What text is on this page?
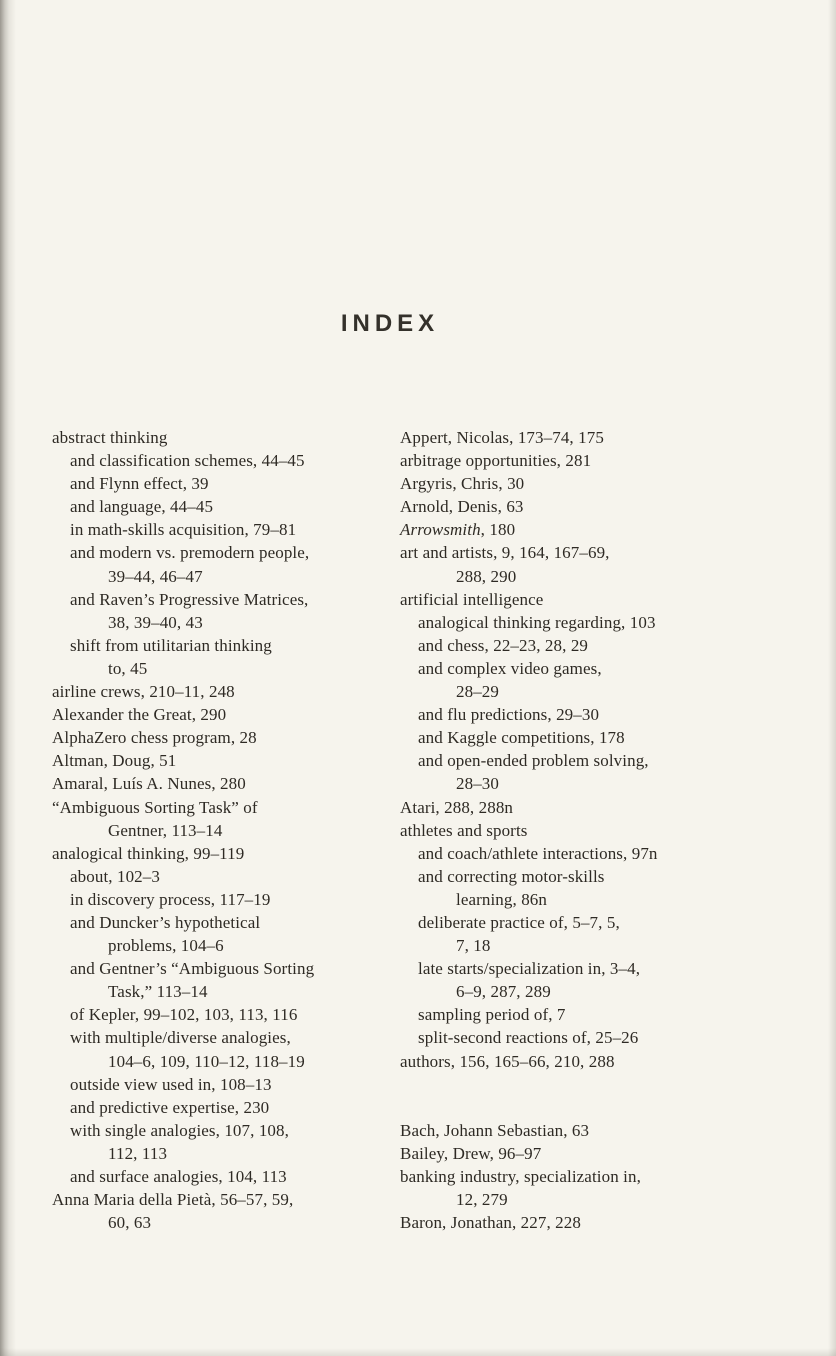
INDEX
abstract thinking
and classification schemes, 44–45
and Flynn effect, 39
and language, 44–45
in math-skills acquisition, 79–81
and modern vs. premodern people,
39–44, 46–47
and Raven’s Progressive Matrices,
38, 39–40, 43
shift from utilitarian thinking
to, 45
airline crews, 210–11, 248
Alexander the Great, 290
AlphaZero chess program, 28
Altman, Doug, 51
Amaral, Luís A. Nunes, 280
“Ambiguous Sorting Task” of
Gentner, 113–14
analogical thinking, 99–119
about, 102–3
in discovery process, 117–19
and Duncker’s hypothetical
problems, 104–6
and Gentner’s “Ambiguous Sorting
Task,” 113–14
of Kepler, 99–102, 103, 113, 116
with multiple/diverse analogies,
104–6, 109, 110–12, 118–19
outside view used in, 108–13
and predictive expertise, 230
with single analogies, 107, 108,
112, 113
and surface analogies, 104, 113
Anna Maria della Pietà, 56–57, 59,
60, 63
Appert, Nicolas, 173–74, 175
arbitrage opportunities, 281
Argyris, Chris, 30
Arnold, Denis, 63
Arrowsmith, 180
art and artists, 9, 164, 167–69,
288, 290
artificial intelligence
analogical thinking regarding, 103
and chess, 22–23, 28, 29
and complex video games,
28–29
and flu predictions, 29–30
and Kaggle competitions, 178
and open-ended problem solving,
28–30
Atari, 288, 288n
athletes and sports
and coach/athlete interactions, 97n
and correcting motor-skills
learning, 86n
deliberate practice of, 5–7, 5,
7, 18
late starts/specialization in, 3–4,
6–9, 287, 289
sampling period of, 7
split-second reactions of, 25–26
authors, 156, 165–66, 210, 288
Bach, Johann Sebastian, 63
Bailey, Drew, 96–97
banking industry, specialization in,
12, 279
Baron, Jonathan, 227, 228
